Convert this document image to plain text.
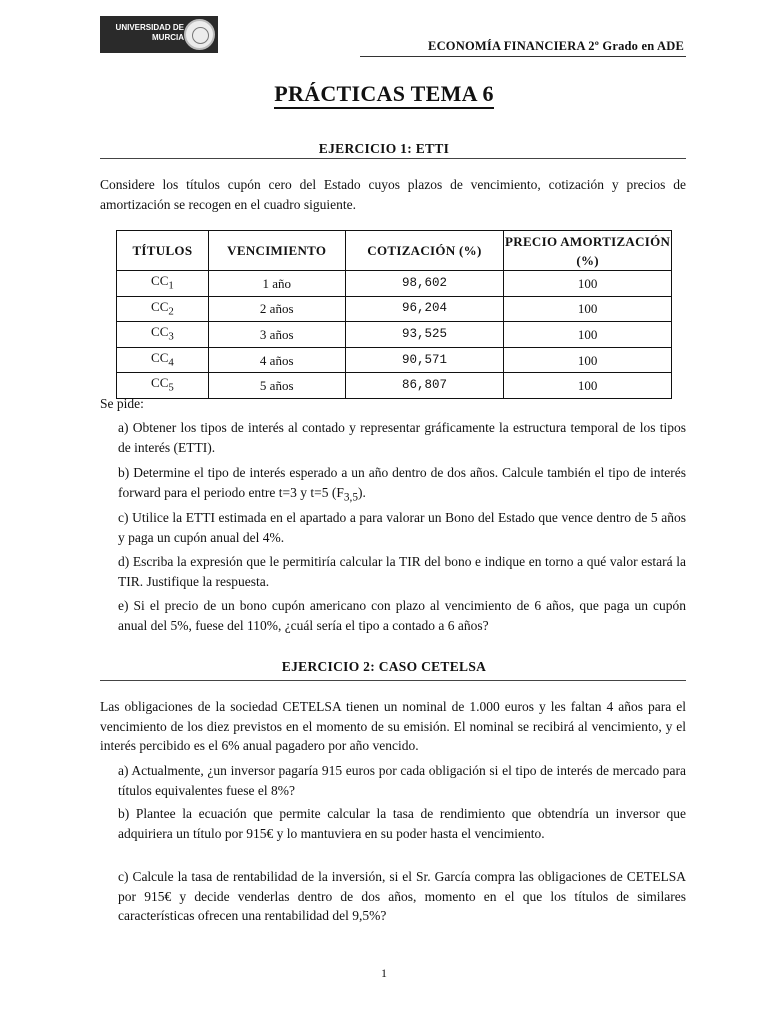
UNIVERSIDAD DE
MURCIA
ECONOMÍA FINANCIERA 2º Grado en ADE
PRÁCTICAS TEMA 6
EJERCICIO 1: ETTI
Considere los títulos cupón cero del Estado cuyos plazos de vencimiento, cotización y precios de amortización se recogen en el cuadro siguiente.
TÍTULOS	VENCIMIENTO	COTIZACIÓN (%)	PRECIO AMORTIZACIÓN (%)
$CC_1$	1 año	98,602	100
$CC_2$	2 años	96,204	100
$CC_3$	3 años	93,525	100
$CC_4$	4 años	90,571	100
$CC_5$	5 años	86,807	100
Se pide:
a) Obtener los tipos de interés al contado y representar gráficamente la estructura temporal de los tipos de interés (ETTI).
b) Determine el tipo de interés esperado a un año dentro de dos años. Calcule también el tipo de interés forward para el periodo entre t=3 y t=5 $(F_{3,5})$.
c) Utilice la ETTI estimada en el apartado a para valorar un Bono del Estado que vence dentro de 5 años y paga un cupón anual del 4%.
d) Escriba la expresión que le permitiría calcular la TIR del bono e indique en torno a qué valor estará la TIR. Justifique la respuesta.
e) Si el precio de un bono cupón americano con plazo al vencimiento de 6 años, que paga un cupón anual del 5%, fuese del 110%, ¿cuál sería el tipo a contado a 6 años?
EJERCICIO 2: CASO CETELSA
Las obligaciones de la sociedad CETELSA tienen un nominal de 1.000 euros y les faltan 4 años para el vencimiento de los diez previstos en el momento de su emisión. El nominal se recibirá al vencimiento, y el interés percibido es el 6% anual pagadero por año vencido.
a) Actualmente, ¿un inversor pagaría 915 euros por cada obligación si el tipo de interés de mercado para títulos equivalentes fuese el 8%?
b) Plantee la ecuación que permite calcular la tasa de rendimiento que obtendría un inversor que adquiriera un título por 915€ y lo mantuviera en su poder hasta el vencimiento.
c) Calcule la tasa de rentabilidad de la inversión, si el Sr. García compra las obligaciones de CETELSA por 915€ y decide venderlas dentro de dos años, momento en el que los títulos de similares características ofrecen una rentabilidad del 9,5%?
1
